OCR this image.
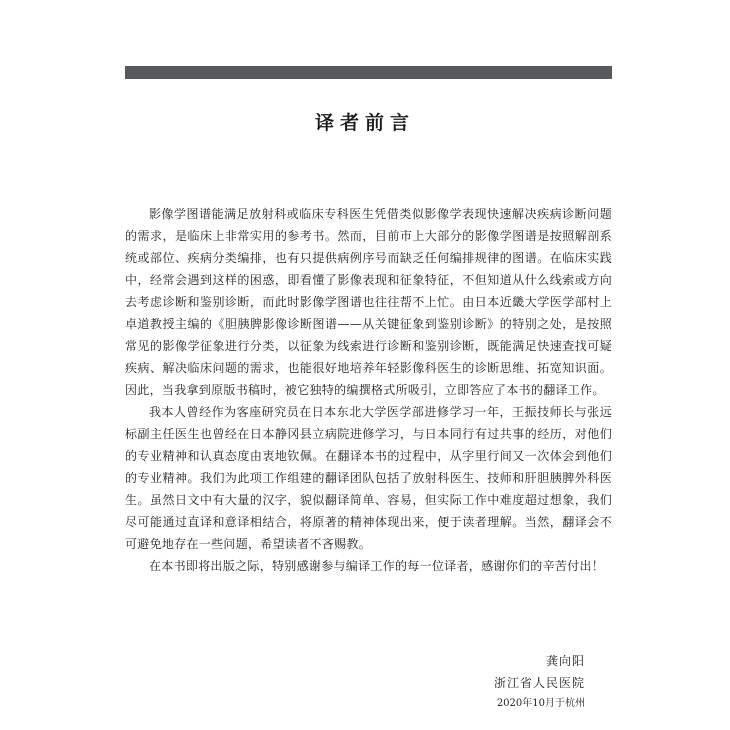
译者前言

影像学图谱能满足放射科或临床专科医生凭借类似影像学表现快速解决疾病诊断问题的需求，是临床上非常实用的参考书。然而，目前市上大部分的影像学图谱是按照解剖系统或部位、疾病分类编排，也有只提供病例序号而缺乏任何编排规律的图谱。在临床实践中，经常会遇到这样的困惑，即看懂了影像表现和征象特征，不但知道从什么线索或方向去考虑诊断和鉴别诊断，而此时影像学图谱也往往帮不上忙。由日本近畿大学医学部村上卓道教授主编的《胆胰脾影像诊断图谱——从关键征象到鉴别诊断》的特别之处，是按照常见的影像学征象进行分类，以征象为线索进行诊断和鉴别诊断，既能满足快速查找可疑疾病、解决临床问题的需求，也能很好地培养年轻影像科医生的诊断思维、拓宽知识面。因此，当我拿到原版书稿时，被它独特的编撰格式所吸引，立即答应了本书的翻译工作。

我本人曾经作为客座研究员在日本东北大学医学部进修学习一年，王振技师长与张远标副主任医生也曾经在日本静冈县立病院进修学习，与日本同行有过共事的经历，对他们的专业精神和认真态度由衷地钦佩。在翻译本书的过程中，从字里行间又一次体会到他们的专业精神。我们为此项工作组建的翻译团队包括了放射科医生、技师和肝胆胰脾外科医生。虽然日文中有大量的汉字，貌似翻译简单、容易，但实际工作中难度超过想象，我们尽可能通过直译和意译相结合，将原著的精神体现出来，便于读者理解。当然，翻译会不可避免地存在一些问题，希望读者不吝赐教。

在本书即将出版之际，特别感谢参与编译工作的每一位译者，感谢你们的辛苦付出！

龚向阳
浙江省人民医院
2020年10月于杭州
